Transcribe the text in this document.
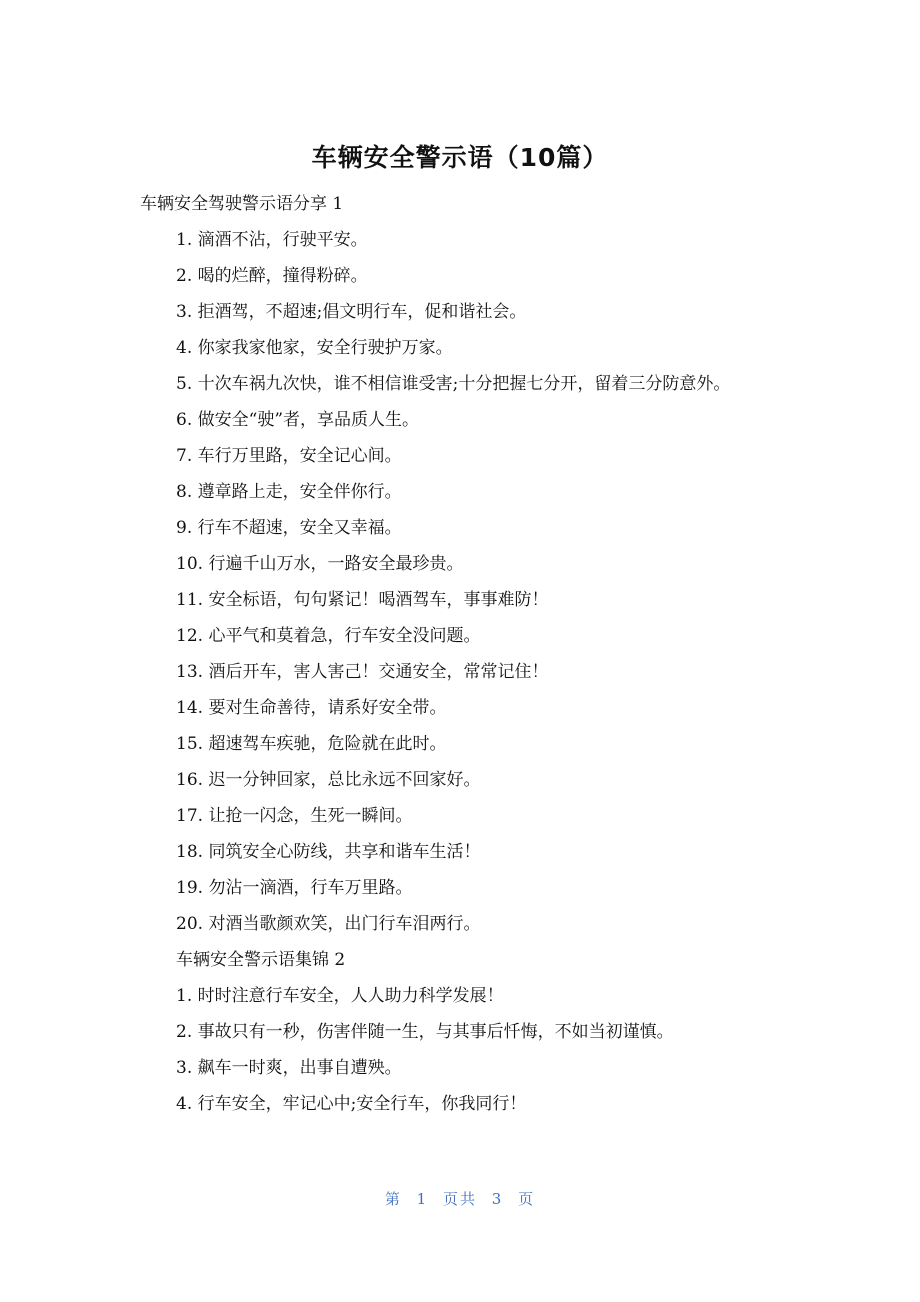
车辆安全警示语（10篇）
车辆安全驾驶警示语分享 1
1. 滴酒不沾，行驶平安。
2. 喝的烂醉，撞得粉碎。
3. 拒酒驾，不超速;倡文明行车，促和谐社会。
4. 你家我家他家，安全行驶护万家。
5. 十次车祸九次快，谁不相信谁受害;十分把握七分开，留着三分防意外。
6. 做安全“驶”者，享品质人生。
7. 车行万里路，安全记心间。
8. 遵章路上走，安全伴你行。
9. 行车不超速，安全又幸福。
10. 行遍千山万水，一路安全最珍贵。
11. 安全标语，句句紧记！喝酒驾车，事事难防！
12. 心平气和莫着急，行车安全没问题。
13. 酒后开车，害人害己！交通安全，常常记住！
14. 要对生命善待，请系好安全带。
15. 超速驾车疾驰，危险就在此时。
16. 迟一分钟回家，总比永远不回家好。
17. 让抢一闪念，生死一瞬间。
18. 同筑安全心防线，共享和谐车生活！
19. 勿沾一滴酒，行车万里路。
20. 对酒当歌颜欢笑，出门行车泪两行。
车辆安全警示语集锦 2
1. 时时注意行车安全，人人助力科学发展！
2. 事故只有一秒，伤害伴随一生，与其事后忏悔，不如当初谨慎。
3. 飙车一时爽，出事自遭殃。
4. 行车安全，牢记心中;安全行车，你我同行！
第 1 页共 3 页
